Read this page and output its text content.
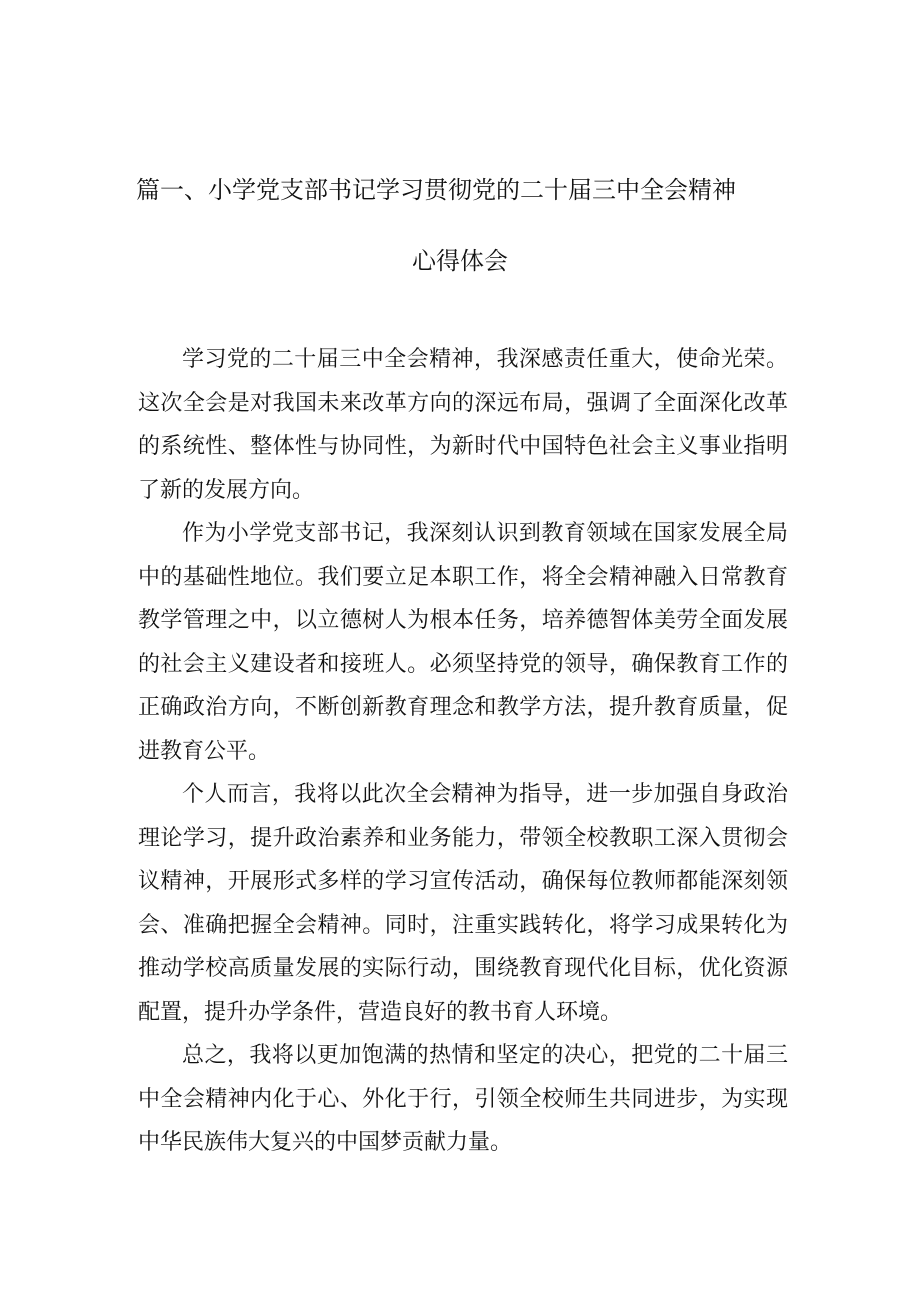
篇一、小学党支部书记学习贯彻党的二十届三中全会精神
心得体会

学习党的二十届三中全会精神，我深感责任重大，使命光荣。这次全会是对我国未来改革方向的深远布局，强调了全面深化改革的系统性、整体性与协同性，为新时代中国特色社会主义事业指明了新的发展方向。

作为小学党支部书记，我深刻认识到教育领域在国家发展全局中的基础性地位。我们要立足本职工作，将全会精神融入日常教育教学管理之中，以立德树人为根本任务，培养德智体美劳全面发展的社会主义建设者和接班人。必须坚持党的领导，确保教育工作的正确政治方向，不断创新教育理念和教学方法，提升教育质量，促进教育公平。

个人而言，我将以此次全会精神为指导，进一步加强自身政治理论学习，提升政治素养和业务能力，带领全校教职工深入贯彻会议精神，开展形式多样的学习宣传活动，确保每位教师都能深刻领会、准确把握全会精神。同时，注重实践转化，将学习成果转化为推动学校高质量发展的实际行动，围绕教育现代化目标，优化资源配置，提升办学条件，营造良好的教书育人环境。

总之，我将以更加饱满的热情和坚定的决心，把党的二十届三中全会精神内化于心、外化于行，引领全校师生共同进步，为实现中华民族伟大复兴的中国梦贡献力量。
